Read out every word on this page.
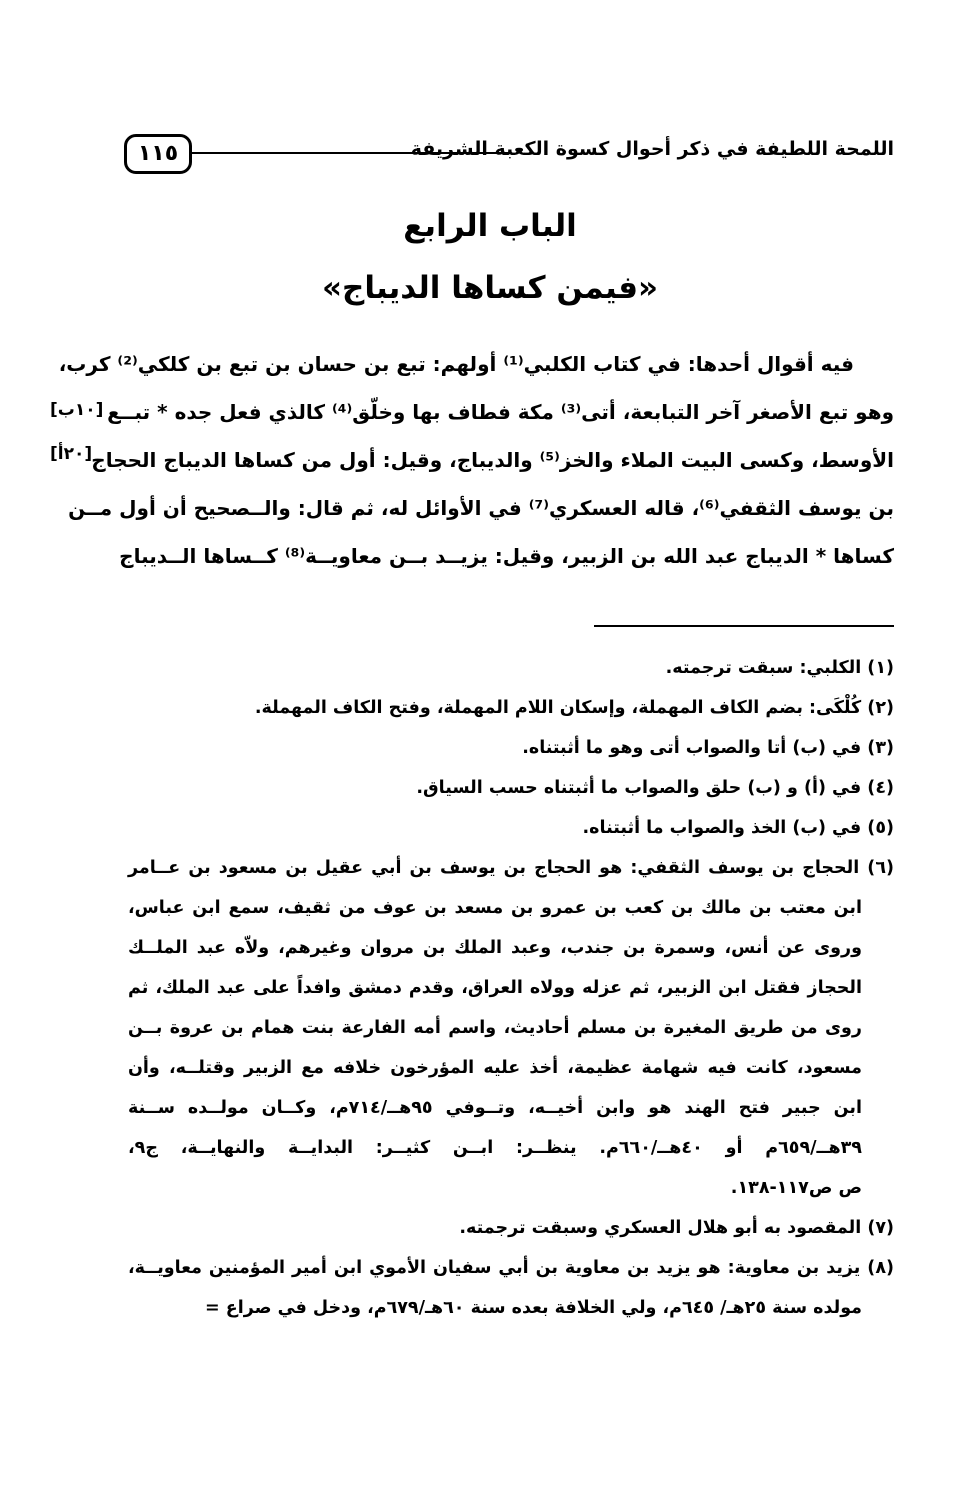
١١٥	اللمحة اللطيفة في ذكر أحوال كسوة الكعبة الشريفة
الباب الرابع
«فيمن كساها الديباج»
فيه أقوال أحدها: في كتاب الكلبي⁽¹⁾ أولهم: تبع بن حسان بن تبع بن كلكي⁽²⁾ كرب،
وهو تبع الأصغر آخر التبابعة، أتى⁽³⁾ مكة فطاف بها وخلّق⁽⁴⁾ كالذي فعل جده * تبــع
الأوسط، وكسى البيت الملاء والخز⁽⁵⁾ والديباج، وقيل: أول من كساها الديباج الحجاج
بن يوسف الثقفي⁽⁶⁾، قاله العسكري⁽⁷⁾ في الأوائل له، ثم قال: والــصحيح أن أول مــن
كساها * الديباج عبد الله بن الزبير، وقيل: يزيــد بــن معاويــة⁽⁸⁾ كــساها الــديباج
[١٠ب]
[٢٠أ]
(١) الكلبي: سبقت ترجمته.
(٢) كُلْكَى: بضم الكاف المهملة، وإسكان اللام المهملة، وفتح الكاف المهملة.
(٣) في (ب) أتا والصواب أتى وهو ما أثبتناه.
(٤) في (أ) و (ب) حلق والصواب ما أثبتناه حسب السياق.
(٥) في (ب) الخذ والصواب ما أثبتناه.
(٦) الحجاج بن يوسف الثقفي: هو الحجاج بن يوسف بن أبي عقيل بن مسعود بن عــامر
ابن معتب بن مالك بن كعب بن عمرو بن مسعد بن عوف من ثقيف، سمع ابن عباس،
وروى عن أنس، وسمرة بن جندب، وعبد الملك بن مروان وغيرهم، ولاّه عبد الملــك
الحجاز فقتل ابن الزبير، ثم عزله وولاه العراق، وقدم دمشق وافداً على عبد الملك، ثم
روى من طريق المغيرة بن مسلم أحاديث، واسم أمه الفارعة بنت همام بن عروة بــن
مسعود، كانت فيه شهامة عظيمة، أخذ عليه المؤرخون خلافه مع الزبير وقتلــه، وأن
ابن جبير فتح الهند هو وابن أخيــه، وتــوفي ٩٥هــ/٧١٤م، وكــان مولــده ســنة
٣٩هــ/٦٥٩م أو ٤٠هــ/٦٦٠م. ينظــر: ابــن كثيــر: البدايــة والنهايــة، ج٩،
ص ص١١٧-١٣٨.
(٧) المقصود به أبو هلال العسكري وسبقت ترجمته.
(٨) يزيد بن معاوية: هو يزيد بن معاوية بن أبي سفيان الأموي ابن أمير المؤمنين معاويــة،
مولده سنة ٢٥هـ/ ٦٤٥م، ولي الخلافة بعده سنة ٦٠هـ/٦٧٩م، ودخل في صراع =
